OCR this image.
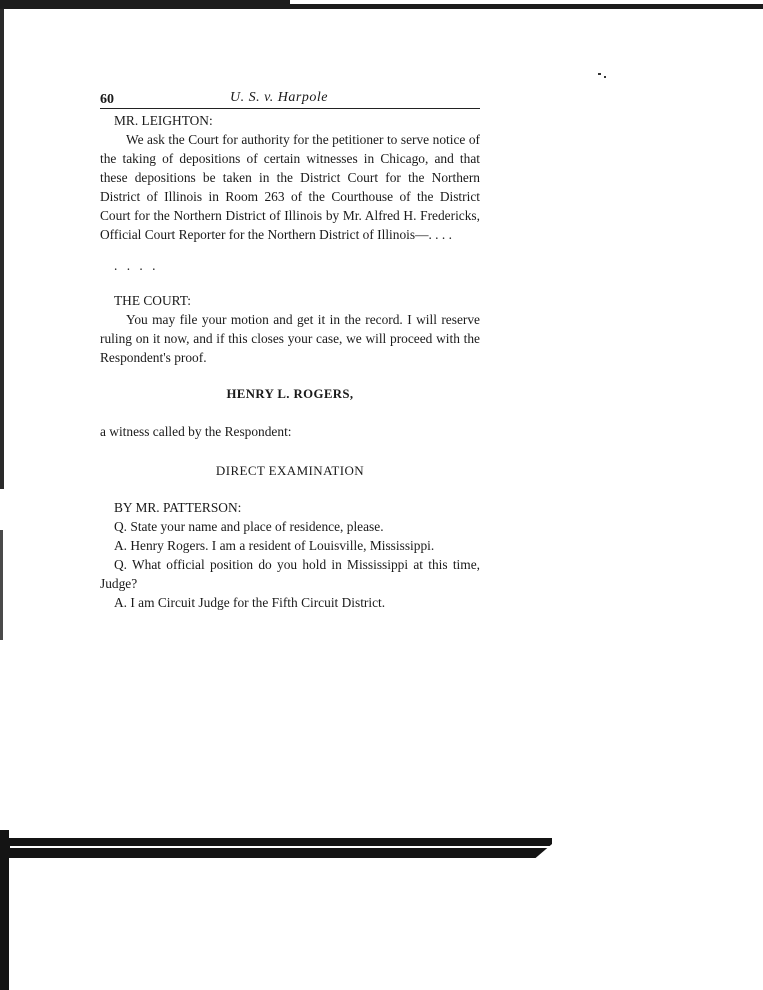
60	U. S. v. Harpole
MR. LEIGHTON:

We ask the Court for authority for the petitioner to serve notice of the taking of depositions of certain witnesses in Chicago, and that these depositions be taken in the District Court for the Northern District of Illinois in Room 263 of the Courthouse of the District Court for the Northern District of Illinois by Mr. Alfred H. Fredericks, Official Court Reporter for the Northern District of Illinois—. . . .

. . . .
THE COURT:

You may file your motion and get it in the record. I will reserve ruling on it now, and if this closes your case, we will proceed with the Respondent's proof.

HENRY L. ROGERS,

a witness called by the Respondent:

DIRECT EXAMINATION

BY MR. PATTERSON:

Q. State your name and place of residence, please.

A. Henry Rogers. I am a resident of Louisville, Mississippi.

Q. What official position do you hold in Mississippi at this time, Judge?

A. I am Circuit Judge for the Fifth Circuit District.
